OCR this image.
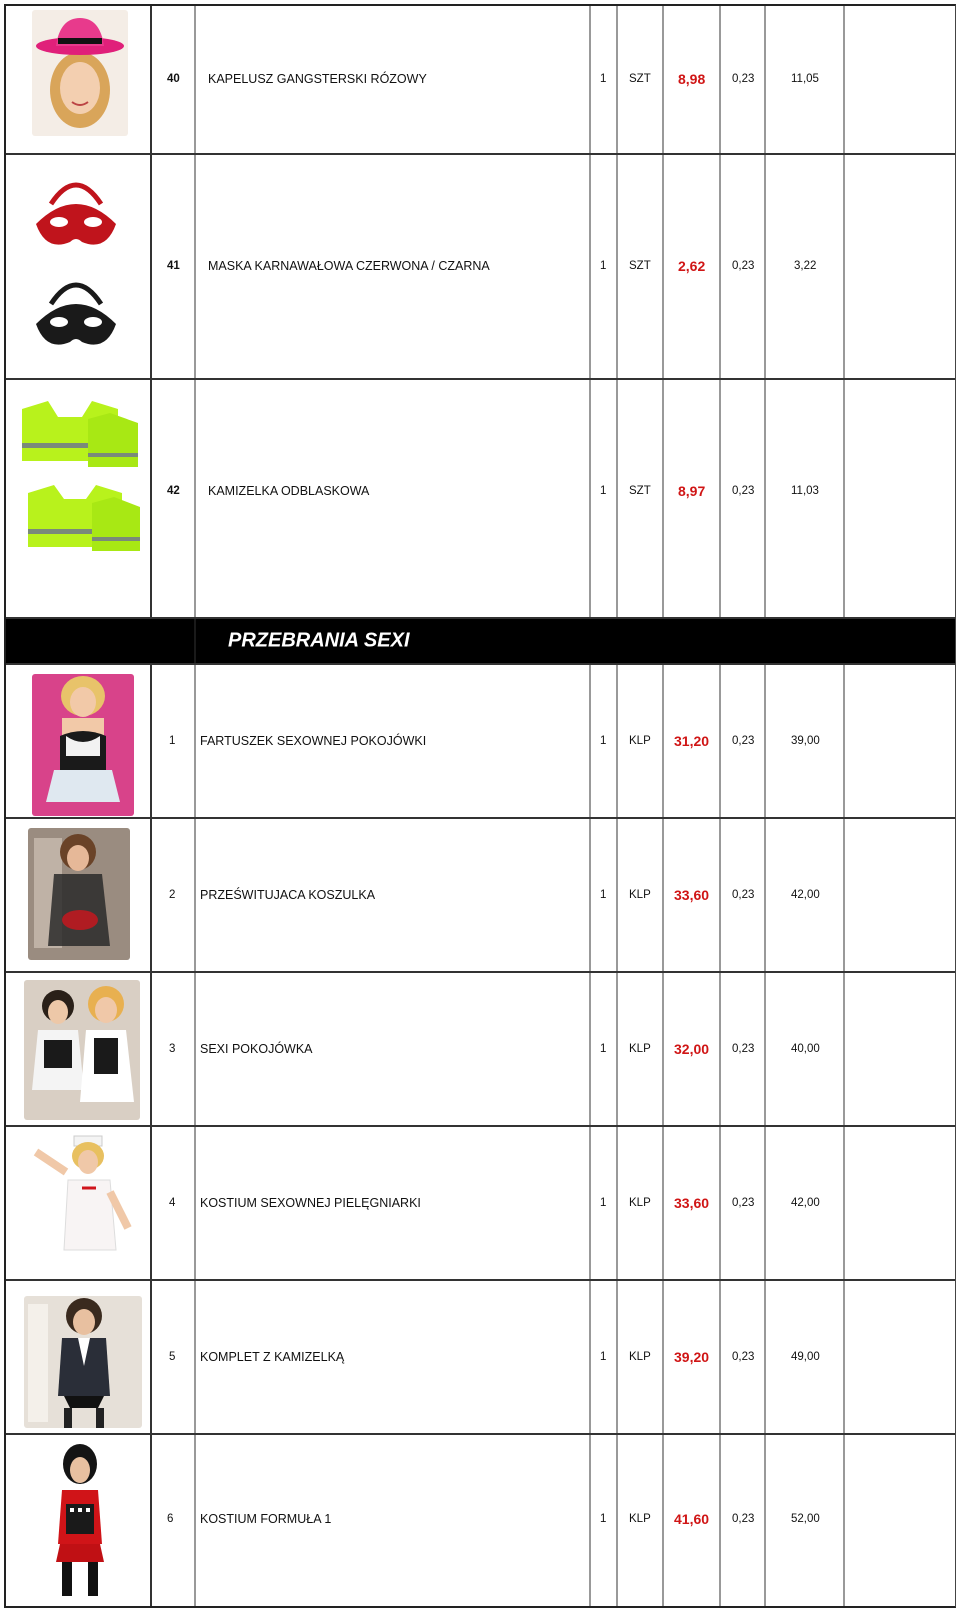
40 KAPELUSZ GANGSTERSKI RÓZOWY	1 SZT 8,98 0,23	11,05
41 MASKA KARNAWAŁOWA CZERWONA / CZARNA	1 SZT 2,62 0,23	3,22
42 KAMIZELKA ODBLASKOWA	1 SZT 8,97 0,23	11,03
PRZEBRANIA SEXI
1 FARTUSZEK SEXOWNEJ POKOJÓWKI	1 KLP 31,20 0,23	39,00
2 PRZEŚWITUJACA KOSZULKA	1 KLP 33,60 0,23	42,00
3 SEXI POKOJÓWKA	1 KLP 32,00 0,23	40,00
4 KOSTIUM SEXOWNEJ PIELĘGNIARKI	1 KLP 33,60 0,23	42,00
5 KOMPLET Z KAMIZELKĄ	1 KLP 39,20 0,23	49,00
6 KOSTIUM FORMUŁA 1	1 KLP 41,60 0,23	52,00
